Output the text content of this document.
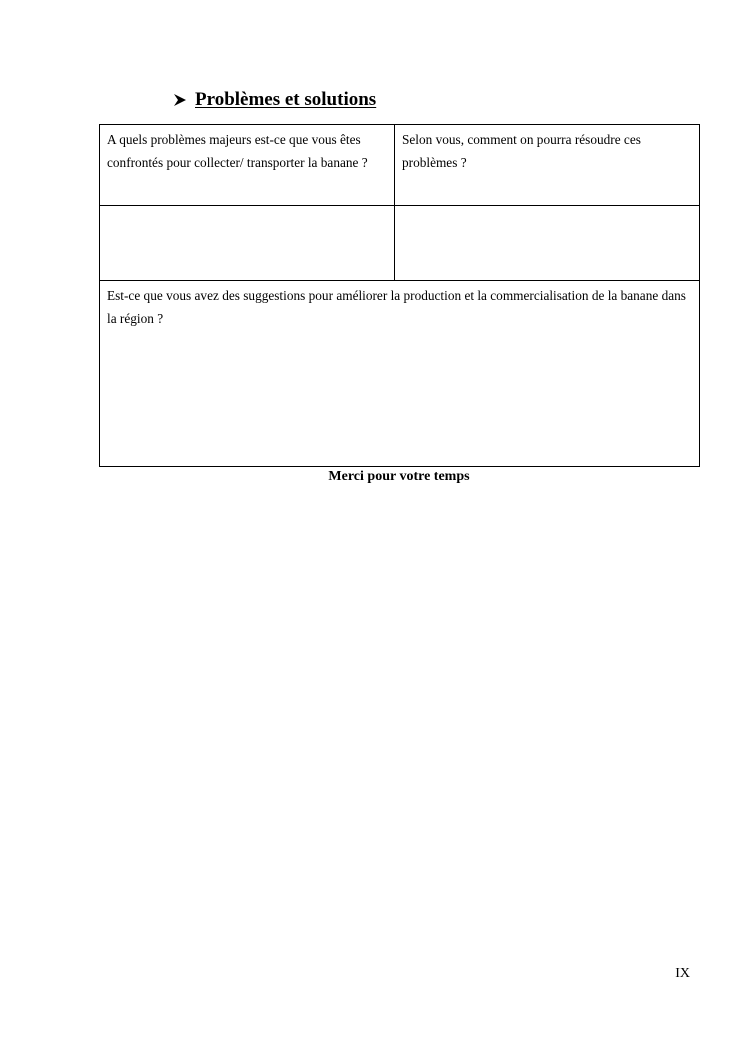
Problèmes et solutions
A quels problèmes majeurs est-ce que vous êtes confrontés pour collecter/ transporter la banane ?	Selon vous, comment on pourra résoudre ces problèmes ?

Est-ce que vous avez des suggestions pour améliorer la production et la commercialisation de la banane dans la région ?	
Merci pour votre temps
IX
